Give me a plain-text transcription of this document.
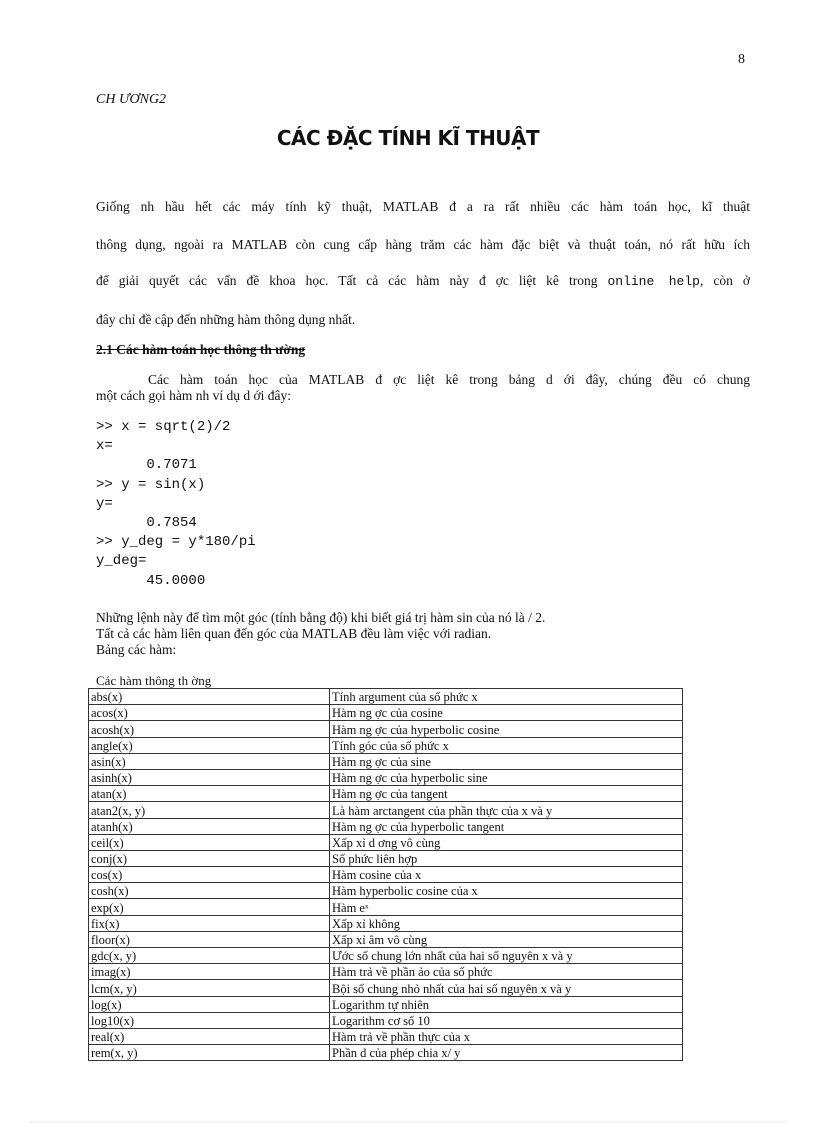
8
CH ƯƠNG2
CÁC ĐẶC TÍNH KĨ THUẬT
Giống nh hầu hết các máy tính kỹ thuật, MATLAB đ a ra rất nhiều các hàm toán học, kĩ thuật
thông dụng, ngoài ra MATLAB còn cung cấp hàng trăm các hàm đặc biệt và thuật toán, nó rất hữu ích
để giải quyết các vấn đề khoa học. Tất cả các hàm này đ ợc liệt kê trong online help, còn ở
đây chỉ đề cập đến những hàm thông dụng nhất.
2.1 Các hàm toán học thông th ường
Các hàm toán học của MATLAB đ ợc liệt kê trong bảng d ới đây, chúng đều có chung
một cách gọi hàm nh ví dụ d ới đây:
>> x = sqrt(2)/2
x=
0.7071
>> y = sin(x)
y=
0.7854
>> y_deg = y*180/pi
y_deg=
45.0000
Những lệnh này để tìm một góc (tính bằng độ) khi biết giá trị hàm sin của nó là / 2.
Tất cả các hàm liên quan đến góc của MATLAB đều làm việc với radian.
Bảng các hàm:
Các hàm thông th ờng
abs(x)	Tính argument của số phức x
acos(x)	Hàm ng ợc của cosine
acosh(x)	Hàm ng ợc của hyperbolic cosine
angle(x)	Tính góc của số phức x
asin(x)	Hàm ng ợc của sine
asinh(x)	Hàm ng ợc của hyperbolic sine
atan(x)	Hàm ng ợc của tangent
atan2(x, y)	Là hàm arctangent của phần thực của x và y
atanh(x)	Hàm ng ợc của hyperbolic tangent
ceil(x)	Xấp xỉ d ơng vô cùng
conj(x)	Số phức liên hợp
cos(x)	Hàm cosine của x
cosh(x)	Hàm hyperbolic cosine của x
exp(x)	Hàm eˣ
fix(x)	Xấp xỉ không
floor(x)	Xấp xỉ âm vô cùng
gdc(x, y)	Ước số chung lớn nhất của hai số nguyên x và y
imag(x)	Hàm trả về phần ảo của số phức
lcm(x, y)	Bội số chung nhỏ nhất của hai số nguyên x và y
log(x)	Logarithm tự nhiên
log10(x)	Logarithm cơ số 10
real(x)	Hàm trả về phần thực của x
rem(x, y)	Phần d của phép chia x/ y
